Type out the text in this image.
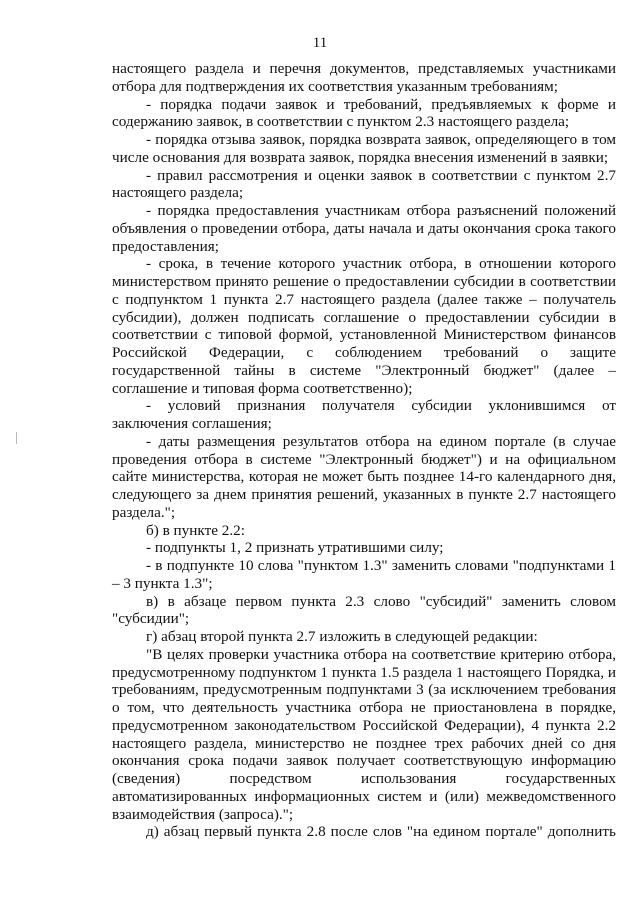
11

настоящего раздела и перечня документов, представляемых участниками отбора для подтверждения их соответствия указанным требованиям;

- порядка подачи заявок и требований, предъявляемых к форме и содержанию заявок, в соответствии с пунктом 2.3 настоящего раздела;

- порядка отзыва заявок, порядка возврата заявок, определяющего в том числе основания для возврата заявок, порядка внесения изменений в заявки;

- правил рассмотрения и оценки заявок в соответствии с пунктом 2.7 настоящего раздела;

- порядка предоставления участникам отбора разъяснений положений объявления о проведении отбора, даты начала и даты окончания срока такого предоставления;

- срока, в течение которого участник отбора, в отношении которого министерством принято решение о предоставлении субсидии в соответствии с подпунктом 1 пункта 2.7 настоящего раздела (далее также – получатель субсидии), должен подписать соглашение о предоставлении субсидии в соответствии с типовой формой, установленной Министерством финансов Российской Федерации, с соблюдением требований о защите государственной тайны в системе "Электронный бюджет" (далее – соглашение и типовая форма соответственно);

- условий признания получателя субсидии уклонившимся от заключения соглашения;

- даты размещения результатов отбора на едином портале (в случае проведения отбора в системе "Электронный бюджет") и на официальном сайте министерства, которая не может быть позднее 14-го календарного дня, следующего за днем принятия решений, указанных в пункте 2.7 настоящего раздела.";

б) в пункте 2.2:

- подпункты 1, 2 признать утратившими силу;

- в подпункте 10 слова "пунктом 1.3" заменить словами "подпунктами 1 – 3 пункта 1.3";

в) в абзаце первом пункта 2.3 слово "субсидий" заменить словом "субсидии";

г) абзац второй пункта 2.7 изложить в следующей редакции:

"В целях проверки участника отбора на соответствие критерию отбора, предусмотренному подпунктом 1 пункта 1.5 раздела 1 настоящего Порядка, и требованиям, предусмотренным подпунктами 3 (за исключением требования о том, что деятельность участника отбора не приостановлена в порядке, предусмотренном законодательством Российской Федерации), 4 пункта 2.2 настоящего раздела, министерство не позднее трех рабочих дней со дня окончания срока подачи заявок получает соответствующую информацию (сведения) посредством использования государственных автоматизированных информационных систем и (или) межведомственного взаимодействия (запроса).";

д) абзац первый пункта 2.8 после слов "на едином портале" дополнить
